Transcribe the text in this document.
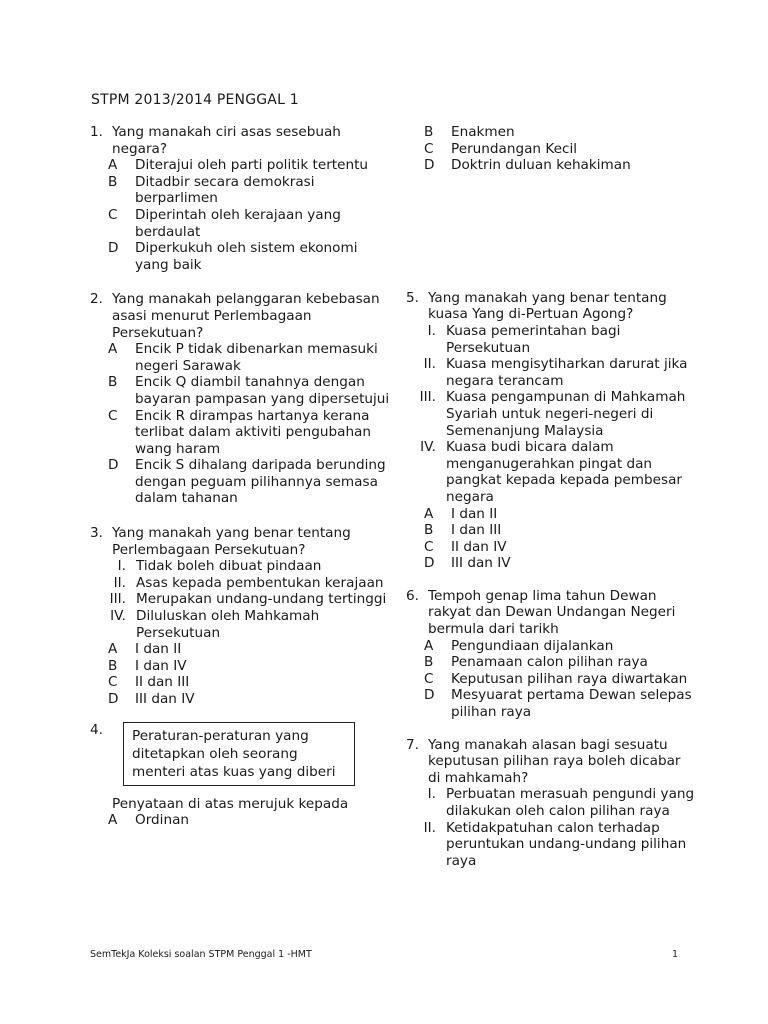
STPM 2013/2014 PENGGAL 1
1. Yang manakah ciri asas sesebuah negara?
A	Diterajui oleh parti politik tertentu
B	Ditadbir secara demokrasi berparlimen
C	Diperintah oleh kerajaan yang berdaulat
D	Diperkukuh oleh sistem ekonomi yang baik
2. Yang manakah pelanggaran kebebasan asasi menurut Perlembagaan Persekutuan?
A	Encik P tidak dibenarkan memasuki negeri Sarawak
B	Encik Q diambil tanahnya dengan bayaran pampasan yang dipersetujui
C	Encik R dirampas hartanya kerana terlibat dalam aktiviti pengubahan wang haram
D	Encik S dihalang daripada berunding dengan peguam pilihannya semasa dalam tahanan
3. Yang manakah yang benar tentang Perlembagaan Persekutuan?
I. Tidak boleh dibuat pindaan
II. Asas kepada pembentukan kerajaan
III. Merupakan undang-undang tertinggi
IV. Diluluskan oleh Mahkamah Persekutuan
A	I dan II
B	I dan IV
C	II dan III
D	III dan IV
4.	Peraturan-peraturan yang ditetapkan oleh seorang menteri atas kuas yang diberi
Penyataan di atas merujuk kepada
A	Ordinan
B	Enakmen
C	Perundangan Kecil
D	Doktrin duluan kehakiman
5. Yang manakah yang benar tentang kuasa Yang di-Pertuan Agong?
I. Kuasa pemerintahan bagi Persekutuan
II. Kuasa mengisytiharkan darurat jika negara terancam
III. Kuasa pengampunan di Mahkamah Syariah untuk negeri-negeri di Semenanjung Malaysia
IV. Kuasa budi bicara dalam menganugerahkan pingat dan pangkat kepada kepada pembesar negara
A	I dan II
B	I dan III
C	II dan IV
D	III dan IV
6. Tempoh genap lima tahun Dewan rakyat dan Dewan Undangan Negeri bermula dari tarikh
A	Pengundiaan dijalankan
B	Penamaan calon pilihan raya
C	Keputusan pilihan raya diwartakan
D	Mesyuarat pertama Dewan selepas pilihan raya
7. Yang manakah alasan bagi sesuatu keputusan pilihan raya boleh dicabar di mahkamah?
I. Perbuatan merasuah pengundi yang dilakukan oleh calon pilihan raya
II. Ketidakpatuhan calon terhadap peruntukan undang-undang pilihan raya
SemTekJa Koleksi soalan STPM Penggal 1 -HMT	1
